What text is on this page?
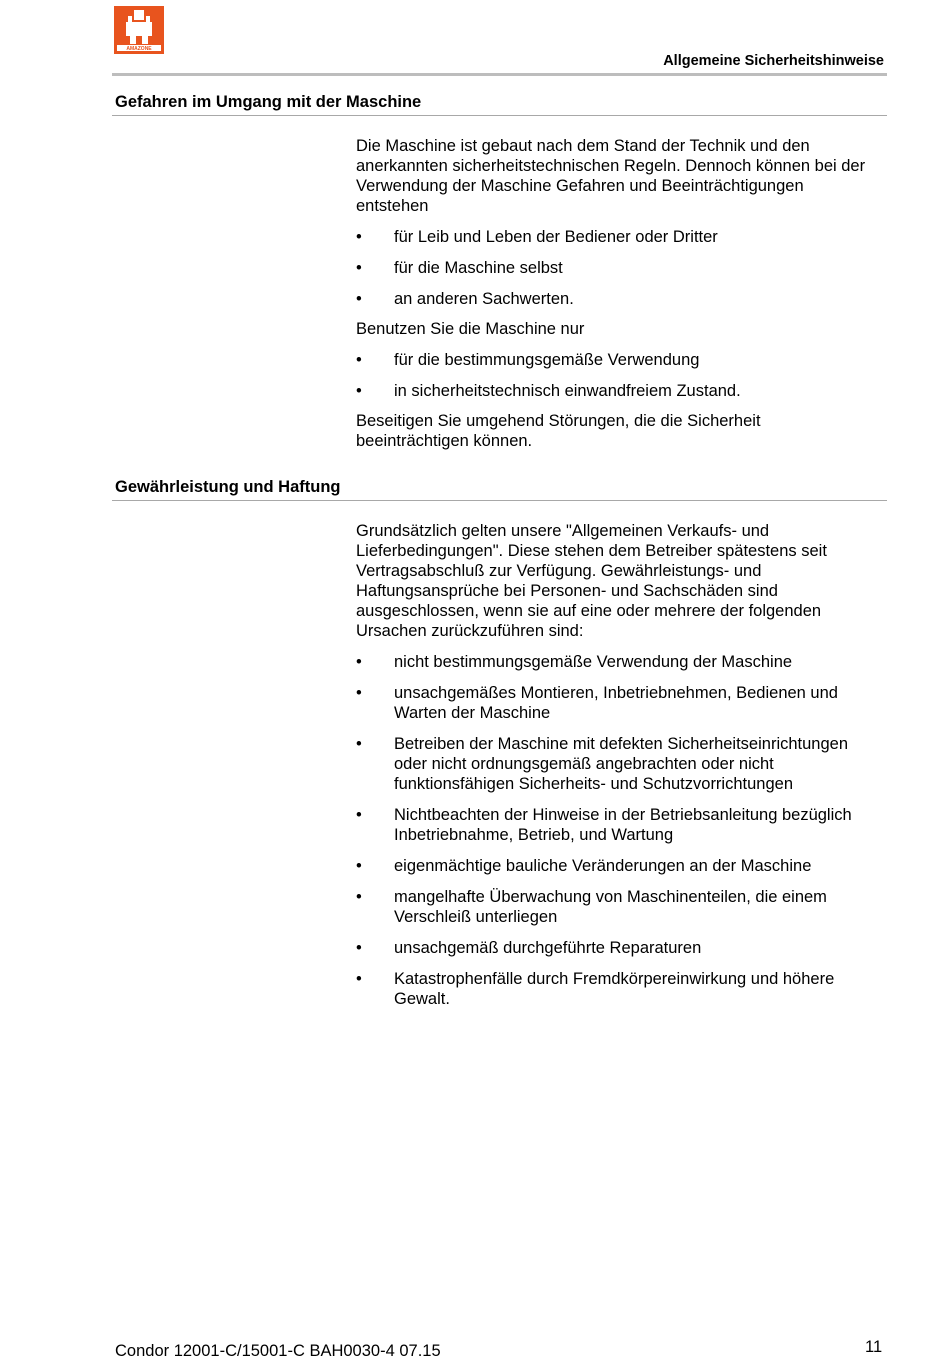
AMAZONE
Allgemeine Sicherheitshinweise
Gefahren im Umgang mit der Maschine

Die Maschine ist gebaut nach dem Stand der Technik und den anerkannten sicherheitstechnischen Regeln. Dennoch können bei der Verwendung der Maschine Gefahren und Beeinträchtigungen entstehen

• für Leib und Leben der Bediener oder Dritter
• für die Maschine selbst
• an anderen Sachwerten.

Benutzen Sie die Maschine nur

• für die bestimmungsgemäße Verwendung
• in sicherheitstechnisch einwandfreiem Zustand.

Beseitigen Sie umgehend Störungen, die die Sicherheit beeinträchtigen können.

Gewährleistung und Haftung

Grundsätzlich gelten unsere "Allgemeinen Verkaufs- und Lieferbedingungen". Diese stehen dem Betreiber spätestens seit Vertragsabschluß zur Verfügung. Gewährleistungs- und Haftungsansprüche bei Personen- und Sachschäden sind ausgeschlossen, wenn sie auf eine oder mehrere der folgenden Ursachen zurückzuführen sind:

• nicht bestimmungsgemäße Verwendung der Maschine
• unsachgemäßes Montieren, Inbetriebnehmen, Bedienen und Warten der Maschine
• Betreiben der Maschine mit defekten Sicherheitseinrichtungen oder nicht ordnungsgemäß angebrachten oder nicht funktionsfähigen Sicherheits- und Schutzvorrichtungen
• Nichtbeachten der Hinweise in der Betriebsanleitung bezüglich Inbetriebnahme, Betrieb, und Wartung
• eigenmächtige bauliche Veränderungen an der Maschine
• mangelhafte Überwachung von Maschinenteilen, die einem Verschleiß unterliegen
• unsachgemäß durchgeführte Reparaturen
• Katastrophenfälle durch Fremdkörpereinwirkung und höhere Gewalt.
Condor 12001-C/15001-C BAH0030-4 07.15	11
